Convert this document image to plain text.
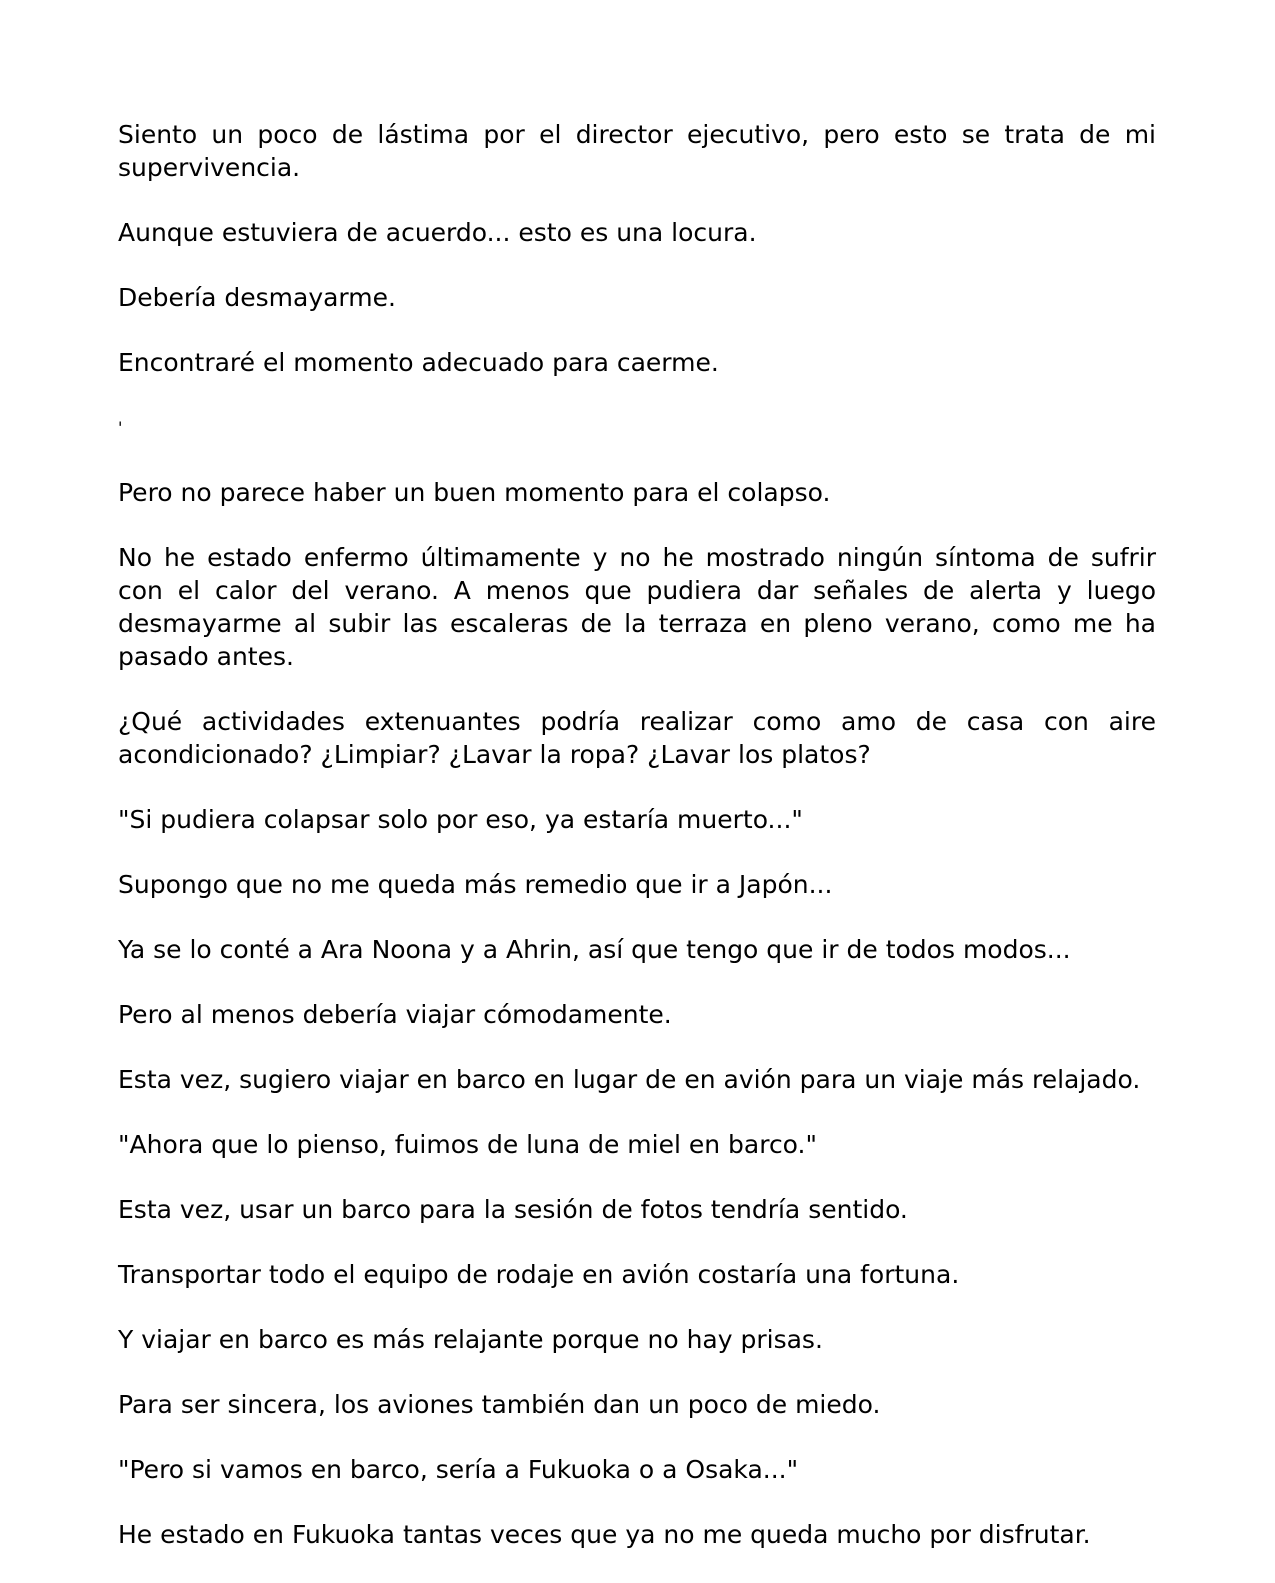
Siento un poco de lástima por el director ejecutivo, pero esto se trata de mi supervivencia.

Aunque estuviera de acuerdo... esto es una locura.

Debería desmayarme.

Encontraré el momento adecuado para caerme.

'

Pero no parece haber un buen momento para el colapso.

No he estado enfermo últimamente y no he mostrado ningún síntoma de sufrir con el calor del verano. A menos que pudiera dar señales de alerta y luego desmayarme al subir las escaleras de la terraza en pleno verano, como me ha pasado antes.

¿Qué actividades extenuantes podría realizar como amo de casa con aire acondicionado? ¿Limpiar? ¿Lavar la ropa? ¿Lavar los platos?

"Si pudiera colapsar solo por eso, ya estaría muerto..."

Supongo que no me queda más remedio que ir a Japón...

Ya se lo conté a Ara Noona y a Ahrin, así que tengo que ir de todos modos...

Pero al menos debería viajar cómodamente.

Esta vez, sugiero viajar en barco en lugar de en avión para un viaje más relajado.

"Ahora que lo pienso, fuimos de luna de miel en barco."

Esta vez, usar un barco para la sesión de fotos tendría sentido.

Transportar todo el equipo de rodaje en avión costaría una fortuna.

Y viajar en barco es más relajante porque no hay prisas.

Para ser sincera, los aviones también dan un poco de miedo.

"Pero si vamos en barco, sería a Fukuoka o a Osaka..."

He estado en Fukuoka tantas veces que ya no me queda mucho por disfrutar.
